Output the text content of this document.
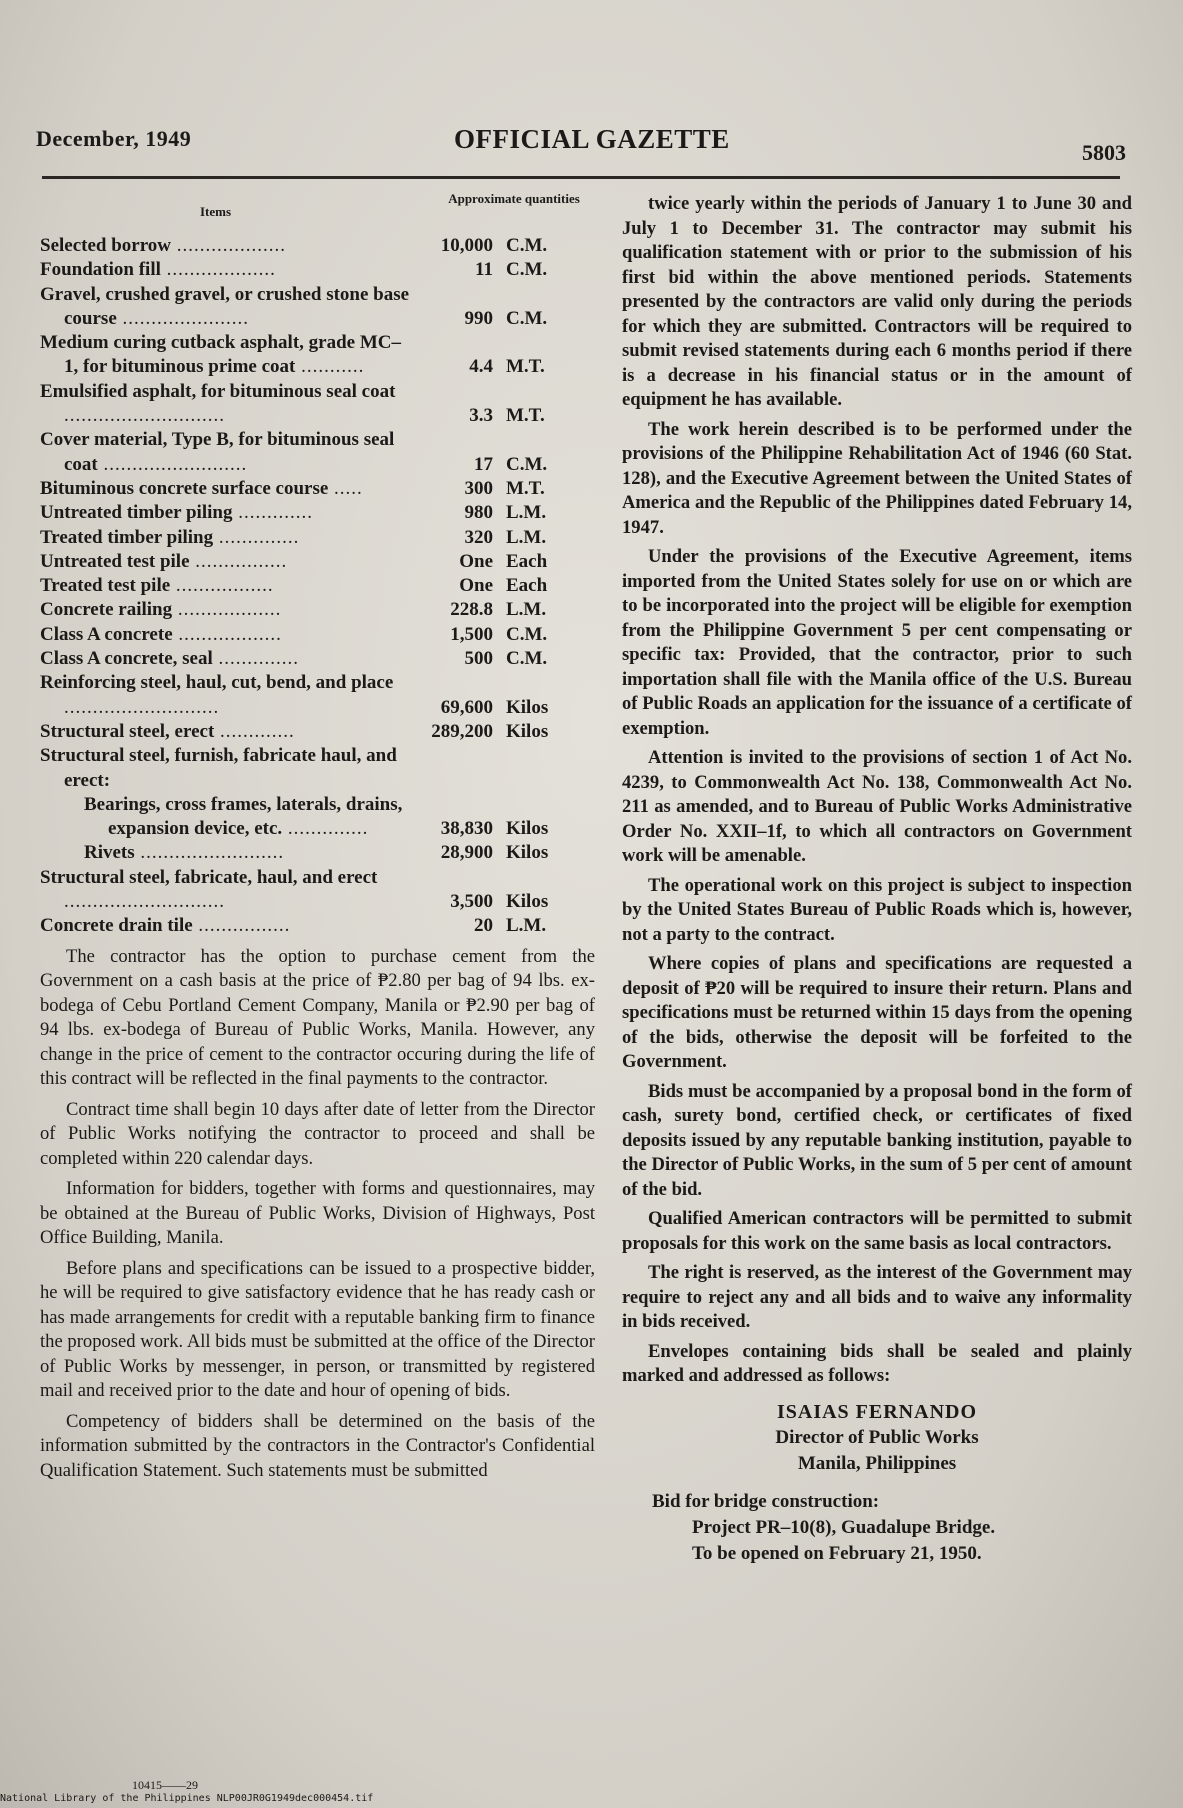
December, 1949	OFFICIAL GAZETTE	5803
Items
Approximate quantities
Selected borrow ...................	10,000 C.M.
Foundation fill ...................	11 C.M.
Gravel, crushed gravel, or crushed stone base course ......................	990 C.M.
Medium curing cutback asphalt, grade MC–1, for bituminous prime coat ...........	4.4 M.T.
Emulsified asphalt, for bituminous seal coat ............................	3.3 M.T.
Cover material, Type B, for bituminous seal coat .........................	17 C.M.
Bituminous concrete surface course .....	300 M.T.
Untreated timber piling .............	980 L.M.
Treated timber piling ..............	320 L.M.
Untreated test pile ................	One Each
Treated test pile .................	One Each
Concrete railing ..................	228.8 L.M.
Class A concrete ..................	1,500 C.M.
Class A concrete, seal ..............	500 C.M.
Reinforcing steel, haul, cut, bend, and place ...........................	69,600 Kilos
Structural steel, erect .............	289,200 Kilos
Structural steel, furnish, fabricate haul, and erect:
Bearings, cross frames, laterals, drains, expansion device, etc. ..............	38,830 Kilos
Rivets .........................	28,900 Kilos
Structural steel, fabricate, haul, and erect ............................	3,500 Kilos
Concrete drain tile ................	20 L.M.

The contractor has the option to purchase cement from the Government on a cash basis at the price of ₱2.80 per bag of 94 lbs. ex-bodega of Cebu Portland Cement Company, Manila or ₱2.90 per bag of 94 lbs. ex-bodega of Bureau of Public Works, Manila. However, any change in the price of cement to the contractor occuring during the life of this contract will be reflected in the final payments to the contractor.

Contract time shall begin 10 days after date of letter from the Director of Public Works notifying the contractor to proceed and shall be completed within 220 calendar days.

Information for bidders, together with forms and questionnaires, may be obtained at the Bureau of Public Works, Division of Highways, Post Office Building, Manila.

Before plans and specifications can be issued to a prospective bidder, he will be required to give satisfactory evidence that he has ready cash or has made arrangements for credit with a reputable banking firm to finance the proposed work. All bids must be submitted at the office of the Director of Public Works by messenger, in person, or transmitted by registered mail and received prior to the date and hour of opening of bids.

Competency of bidders shall be determined on the basis of the information submitted by the contractors in the Contractor's Confidential Qualification Statement. Such statements must be submitted

twice yearly within the periods of January 1 to June 30 and July 1 to December 31. The contractor may submit his qualification statement with or prior to the submission of his first bid within the above mentioned periods. Statements presented by the contractors are valid only during the periods for which they are submitted. Contractors will be required to submit revised statements during each 6 months period if there is a decrease in his financial status or in the amount of equipment he has available.

The work herein described is to be performed under the provisions of the Philippine Rehabilitation Act of 1946 (60 Stat. 128), and the Executive Agreement between the United States of America and the Republic of the Philippines dated February 14, 1947.

Under the provisions of the Executive Agreement, items imported from the United States solely for use on or which are to be incorporated into the project will be eligible for exemption from the Philippine Government 5 per cent compensating or specific tax: Provided, that the contractor, prior to such importation shall file with the Manila office of the U.S. Bureau of Public Roads an application for the issuance of a certificate of exemption.

Attention is invited to the provisions of section 1 of Act No. 4239, to Commonwealth Act No. 138, Commonwealth Act No. 211 as amended, and to Bureau of Public Works Administrative Order No. XXII–1f, to which all contractors on Government work will be amenable.

The operational work on this project is subject to inspection by the United States Bureau of Public Roads which is, however, not a party to the contract.

Where copies of plans and specifications are requested a deposit of ₱20 will be required to insure their return. Plans and specifications must be returned within 15 days from the opening of the bids, otherwise the deposit will be forfeited to the Government.

Bids must be accompanied by a proposal bond in the form of cash, surety bond, certified check, or certificates of fixed deposits issued by any reputable banking institution, payable to the Director of Public Works, in the sum of 5 per cent of amount of the bid.

Qualified American contractors will be permitted to submit proposals for this work on the same basis as local contractors.

The right is reserved, as the interest of the Government may require to reject any and all bids and to waive any informality in bids received.

Envelopes containing bids shall be sealed and plainly marked and addressed as follows:

ISAIAS FERNANDO
Director of Public Works
Manila, Philippines
Bid for bridge construction:
Project PR–10(8), Guadalupe Bridge.
To be opened on February 21, 1950.
10415——29
National Library of the Philippines NLP00JR0G1949dec000454.tif
